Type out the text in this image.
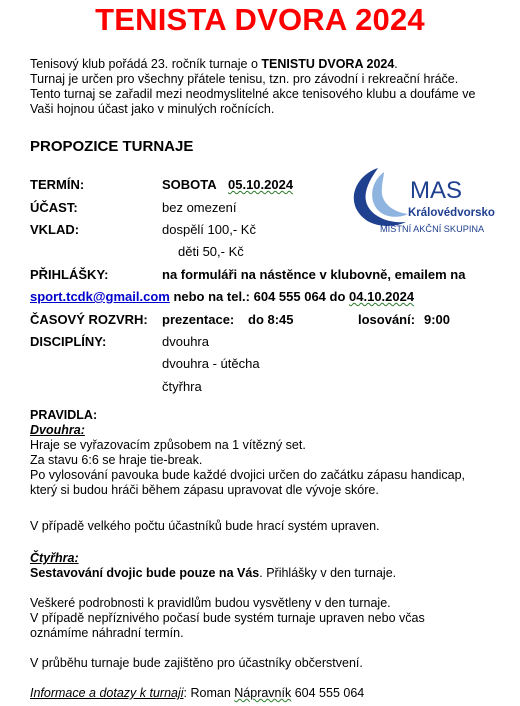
TENISTA DVORA 2024

Tenisový klub pořádá 23. ročník turnaje o TENISTU DVORA 2024.

Turnaj je určen pro všechny přátele tenisu, tzn. pro závodní i rekreační hráče.

Tento turnaj se zařadil mezi neodmyslitelné akce tenisového klubu a doufáme ve

Vaši hojnou účast jako v minulých ročnících.

PROPOZICE TURNAJE
TERMÍN:	SOBOTA 05.10.2024
ÚČAST:	bez omezení
VKLAD:	dospělí 100,- Kč
děti 50,- Kč
PŘIHLÁŠKY:	na formuláři na nástěnce v klubovně, emailem na
sport.tcdk@gmail.com nebo na tel.: 604 555 064 do 04.10.2024
ČASOVÝ ROZVRH: prezentace: do 8:45	losování: 9:00
DISCIPLÍNY:	dvouhra
dvouhra - útěcha
čtyřhra
MAS
Královédvorsko
MÍSTNÍ AKČNÍ SKUPINA

PRAVIDLA:

Dvouhra:

Hraje se vyřazovacím způsobem na 1 vítězný set.

Za stavu 6:6 se hraje tie-break.

Po vylosování pavouka bude každé dvojici určen do začátku zápasu handicap,

který si budou hráči během zápasu upravovat dle vývoje skóre.

V případě velkého počtu účastníků bude hrací systém upraven.

Čtyřhra:

Sestavování dvojic bude pouze na Vás. Přihlášky v den turnaje.

Veškeré podrobnosti k pravidlům budou vysvětleny v den turnaje.

V případě nepříznivého počasí bude systém turnaje upraven nebo včas

oznámíme náhradní termín.

V průběhu turnaje bude zajištěno pro účastníky občerstvení.

Informace a dotazy k turnaji: Roman Nápravník 604 555 064
